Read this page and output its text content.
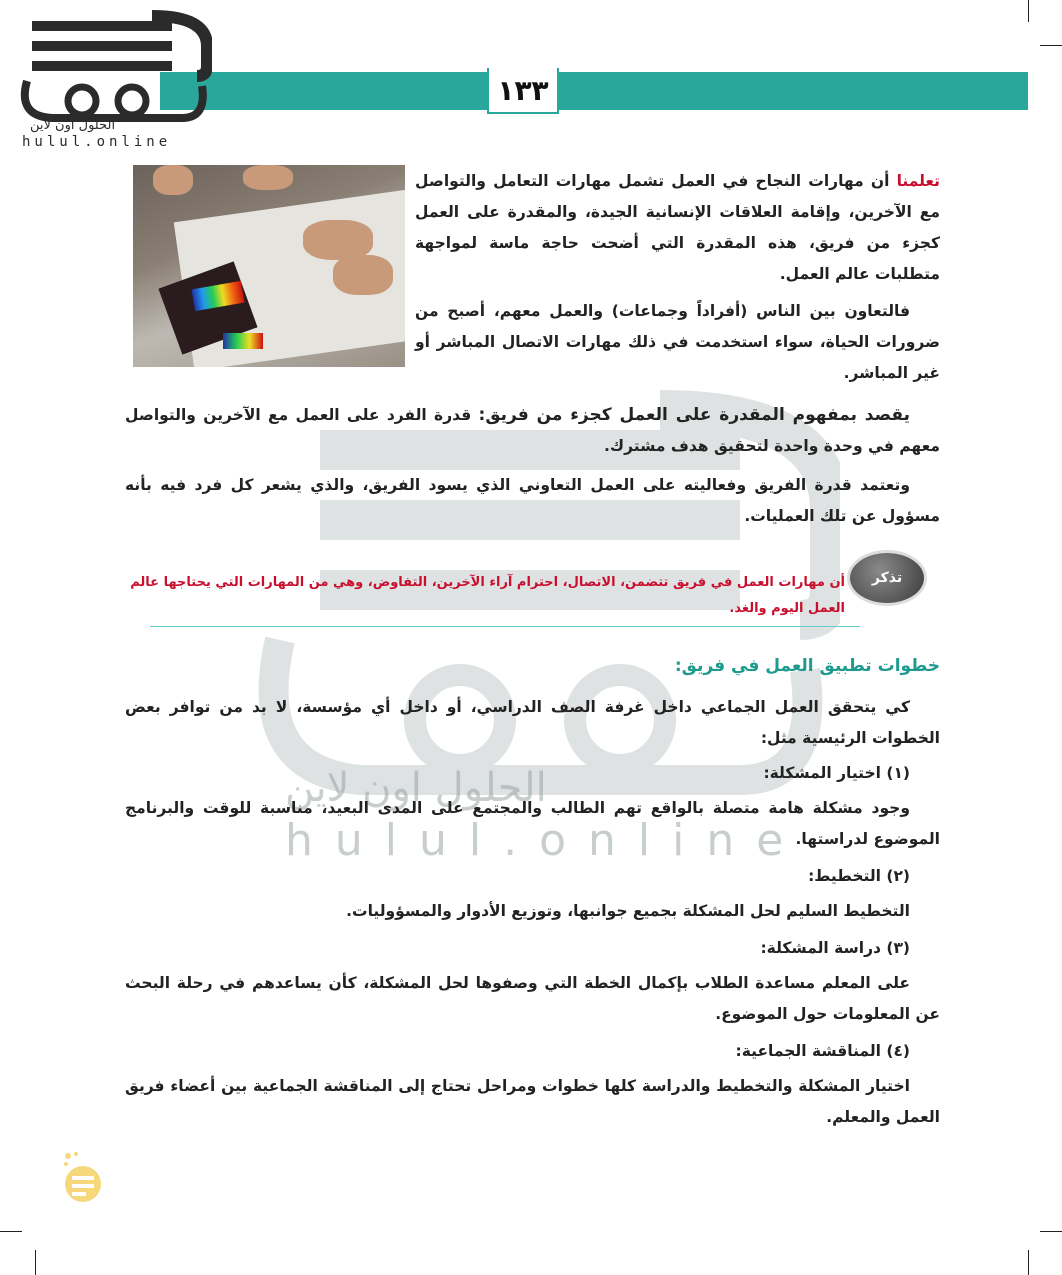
١٣٣
الحلول اون لاين
hulul.online
الحلول اون لاين
hulul.online

تعلمنا أن مهارات النجاح في العمل تشمل مهارات التعامل والتواصل مع الآخرين، وإقامة العلاقات الإنسانية الجيدة، والمقدرة على العمل كجزء من فريق، هذه المقدرة التي أضحت حاجة ماسة لمواجهة متطلبات عالم العمل.

فالتعاون بين الناس (أفراداً وجماعات) والعمل معهم، أصبح من ضرورات الحياة، سواء استخدمت في ذلك مهارات الاتصال المباشر أو غير المباشر.

يقصد بمفهوم المقدرة على العمل كجزء من فريق: قدرة الفرد على العمل مع الآخرين والتواصل معهم في وحدة واحدة لتحقيق هدف مشترك.

وتعتمد قدرة الفريق وفعاليته على العمل التعاوني الذي يسود الفريق، والذي يشعر كل فرد فيه بأنه مسؤول عن تلك العمليات.

تذكر
أن مهارات العمل في فريق تتضمن، الاتصال، احترام آراء الآخرين، التفاوض، وهي من المهارات التي يحتاجها عالم العمل اليوم والغد.
خطوات تطبيق العمل في فريق:

كي يتحقق العمل الجماعي داخل غرفة الصف الدراسي، أو داخل أي مؤسسة، لا بد من توافر بعض الخطوات الرئيسية مثل:

(١) اختيار المشكلة:

وجود مشكلة هامة متصلة بالواقع تهم الطالب والمجتمع على المدى البعيد، مناسبة للوقت والبرنامج الموضوع لدراستها.

(٢) التخطيط:

التخطيط السليم لحل المشكلة بجميع جوانبها، وتوزيع الأدوار والمسؤوليات.

(٣) دراسة المشكلة:

على المعلم مساعدة الطلاب بإكمال الخطة التي وصفوها لحل المشكلة، كأن يساعدهم في رحلة البحث عن المعلومات حول الموضوع.

(٤) المناقشة الجماعية:

اختيار المشكلة والتخطيط والدراسة كلها خطوات ومراحل تحتاج إلى المناقشة الجماعية بين أعضاء فريق العمل والمعلم.
